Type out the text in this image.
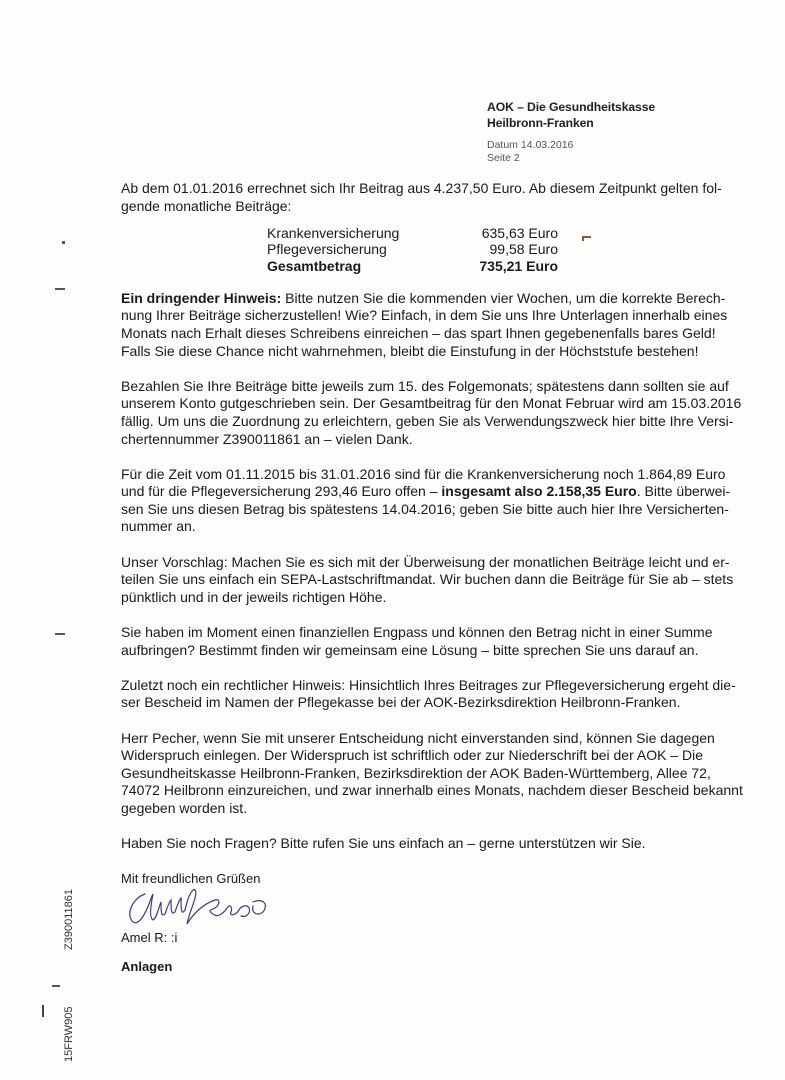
AOK – Die Gesundheitskasse
Heilbronn-Franken
Datum 14.03.2016
Seite 2
Ab dem 01.01.2016 errechnet sich Ihr Beitrag aus 4.237,50 Euro. Ab diesem Zeitpunkt gelten fol-
gende monatliche Beiträge:
Krankenversicherung	635,63 Euro
Pflegeversicherung	99,58 Euro
Gesamtbetrag	735,21 Euro
Ein dringender Hinweis: Bitte nutzen Sie die kommenden vier Wochen, um die korrekte Berech-
nung Ihrer Beiträge sicherzustellen! Wie? Einfach, in dem Sie uns Ihre Unterlagen innerhalb eines
Monats nach Erhalt dieses Schreibens einreichen – das spart Ihnen gegebenenfalls bares Geld!
Falls Sie diese Chance nicht wahrnehmen, bleibt die Einstufung in der Höchststufe bestehen!
Bezahlen Sie Ihre Beiträge bitte jeweils zum 15. des Folgemonats; spätestens dann sollten sie auf
unserem Konto gutgeschrieben sein. Der Gesamtbeitrag für den Monat Februar wird am 15.03.2016
fällig. Um uns die Zuordnung zu erleichtern, geben Sie als Verwendungszweck hier bitte Ihre Versi-
chertennummer Z390011861 an – vielen Dank.
Für die Zeit vom 01.11.2015 bis 31.01.2016 sind für die Krankenversicherung noch 1.864,89 Euro
und für die Pflegeversicherung 293,46 Euro offen – insgesamt also 2.158,35 Euro. Bitte überwei-
sen Sie uns diesen Betrag bis spätestens 14.04.2016; geben Sie bitte auch hier Ihre Versicherten-
nummer an.
Unser Vorschlag: Machen Sie es sich mit der Überweisung der monatlichen Beiträge leicht und er-
teilen Sie uns einfach ein SEPA-Lastschriftmandat. Wir buchen dann die Beiträge für Sie ab – stets
pünktlich und in der jeweils richtigen Höhe.
Sie haben im Moment einen finanziellen Engpass und können den Betrag nicht in einer Summe
aufbringen? Bestimmt finden wir gemeinsam eine Lösung – bitte sprechen Sie uns darauf an.
Zuletzt noch ein rechtlicher Hinweis: Hinsichtlich Ihres Beitrages zur Pflegeversicherung ergeht die-
ser Bescheid im Namen der Pflegekasse bei der AOK-Bezirksdirektion Heilbronn-Franken.
Herr Pecher, wenn Sie mit unserer Entscheidung nicht einverstanden sind, können Sie dagegen
Widerspruch einlegen. Der Widerspruch ist schriftlich oder zur Niederschrift bei der AOK – Die
Gesundheitskasse Heilbronn-Franken, Bezirksdirektion der AOK Baden-Württemberg, Allee 72,
74072 Heilbronn einzureichen, und zwar innerhalb eines Monats, nachdem dieser Bescheid bekannt
gegeben worden ist.
Haben Sie noch Fragen? Bitte rufen Sie uns einfach an – gerne unterstützen wir Sie.
Mit freundlichen Grüßen
Amel R: :i
Anlagen
Z390011861
15FRW905
